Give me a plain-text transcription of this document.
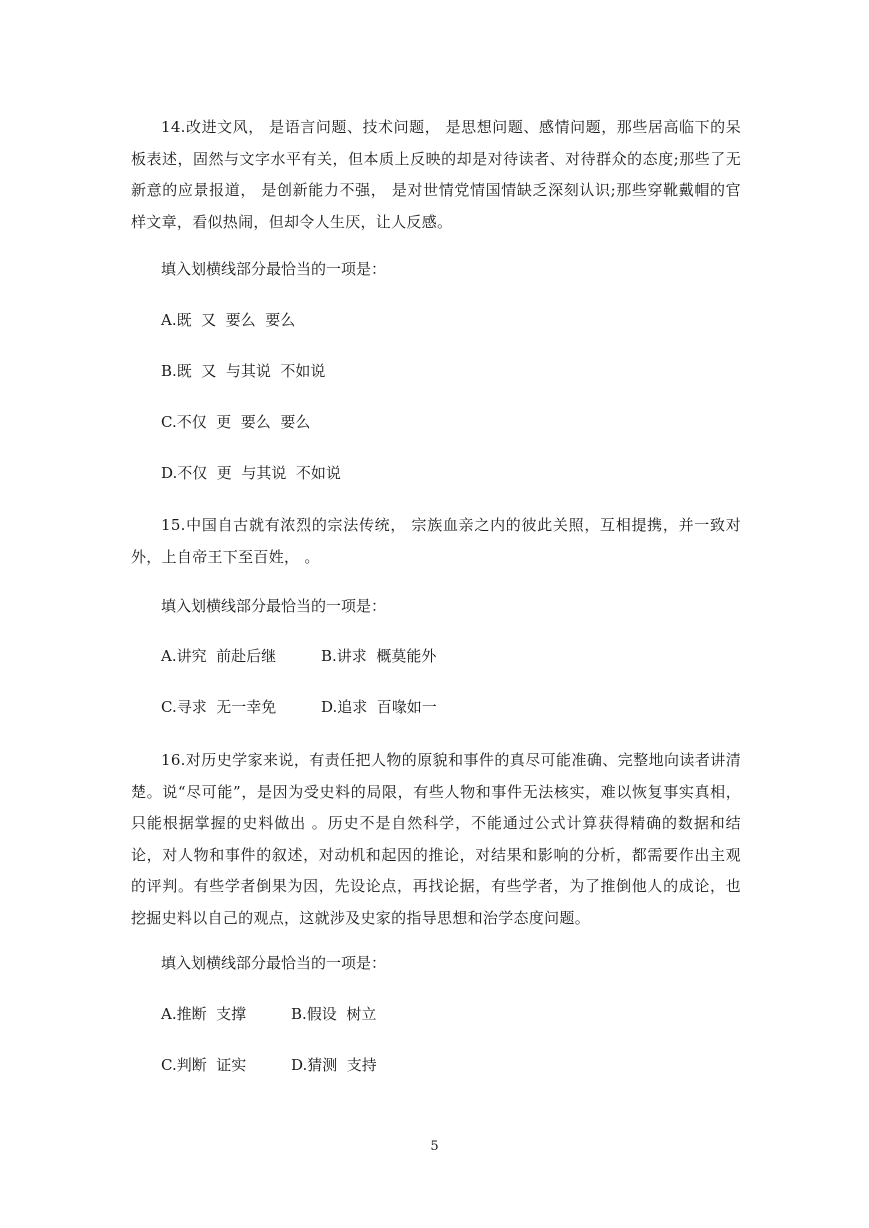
14.改进文风， 是语言问题、技术问题， 是思想问题、感情问题，那些居高临下的呆板表述，固然与文字水平有关，但本质上反映的却是对待读者、对待群众的态度;那些了无新意的应景报道， 是创新能力不强， 是对世情党情国情缺乏深刻认识;那些穿靴戴帽的官样文章，看似热闹，但却令人生厌，让人反感。

填入划横线部分最恰当的一项是：

A.既  又  要么  要么

B.既  又  与其说  不如说

C.不仅  更  要么  要么

D.不仅  更  与其说  不如说

15.中国自古就有浓烈的宗法传统， 宗族血亲之内的彼此关照，互相提携，并一致对外，上自帝王下至百姓， 。

填入划横线部分最恰当的一项是：

A.讲究  前赴后继

	B.讲求  概莫能外

C.寻求  无一幸免

	D.追求  百喙如一

16.对历史学家来说，有责任把人物的原貌和事件的真尽可能准确、完整地向读者讲清楚。说“尽可能”，是因为受史料的局限，有些人物和事件无法核实，难以恢复事实真相，只能根据掌握的史料做出 。历史不是自然科学，不能通过公式计算获得精确的数据和结论，对人物和事件的叙述，对动机和起因的推论，对结果和影响的分析，都需要作出主观的评判。有些学者倒果为因，先设论点，再找论据，有些学者，为了推倒他人的成论，也挖掘史料以自己的观点，这就涉及史家的指导思想和治学态度问题。

填入划横线部分最恰当的一项是：

A.推断  支撑

	B.假设  树立

C.判断  证实

	D.猜测  支持

5
